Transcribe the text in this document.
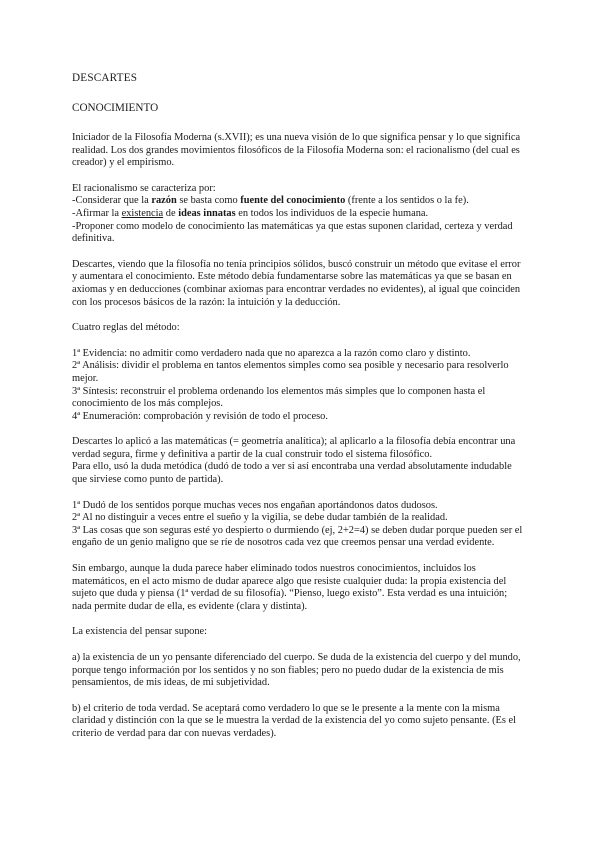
DESCARTES
CONOCIMIENTO

Iniciador de la Filosofía Moderna (s.XVII); es una nueva visión de lo que significa pensar y lo que significa realidad. Los dos grandes movimientos filosóficos de la Filosofía Moderna son: el racionalismo (del cual es creador) y el empirismo.

El racionalismo se caracteriza por:
-Considerar que la razón se basta como fuente del conocimiento (frente a los sentidos o la fe).
-Afirmar la existencia de ideas innatas en todos los individuos de la especie humana.
-Proponer como modelo de conocimiento las matemáticas ya que estas suponen claridad, certeza y verdad definitiva.

Descartes, viendo que la filosofía no tenía principios sólidos, buscó construir un método que evitase el error y aumentara el conocimiento. Este método debía fundamentarse sobre las matemáticas ya que se basan en axiomas y en deducciones (combinar axiomas para encontrar verdades no evidentes), al igual que coinciden con los procesos básicos de la razón: la intuición y la deducción.

Cuatro reglas del método:

1ª Evidencia: no admitir como verdadero nada que no aparezca a la razón como claro y distinto.
2ª Análisis: dividir el problema en tantos elementos simples como sea posible y necesario para resolverlo mejor.
3ª Síntesis: reconstruir el problema ordenando los elementos más simples que lo componen hasta el conocimiento de los más complejos.
4ª Enumeración: comprobación y revisión de todo el proceso.

Descartes lo aplicó a las matemáticas (= geometría analítica); al aplicarlo a la filosofía debía encontrar una verdad segura, firme y definitiva a partir de la cual construir todo el sistema filosófico.
Para ello, usó la duda metódica (dudó de todo a ver si así encontraba una verdad absolutamente indudable que sirviese como punto de partida).

1ª Dudó de los sentidos porque muchas veces nos engañan aportándonos datos dudosos.
2ª Al no distinguir a veces entre el sueño y la vigilia, se debe dudar también de la realidad.
3ª Las cosas que son seguras esté yo despierto o durmiendo (ej, 2+2=4) se deben dudar porque pueden ser el engaño de un genio maligno que se ríe de nosotros cada vez que creemos pensar una verdad evidente.

Sin embargo, aunque la duda parece haber eliminado todos nuestros conocimientos, incluidos los matemáticos, en el acto mismo de dudar aparece algo que resiste cualquier duda: la propia existencia del sujeto que duda y piensa (1ª verdad de su filosofía). “Pienso, luego existo”. Esta verdad es una intuición; nada permite dudar de ella, es evidente (clara y distinta).

La existencia del pensar supone:

a) la existencia de un yo pensante diferenciado del cuerpo. Se duda de la existencia del cuerpo y del mundo, porque tengo información por los sentidos y no son fiables; pero no puedo dudar de la existencia de mis pensamientos, de mis ideas, de mi subjetividad.

b) el criterio de toda verdad. Se aceptará como verdadero lo que se le presente a la mente con la misma claridad y distinción con la que se le muestra la verdad de la existencia del yo como sujeto pensante. (Es el criterio de verdad para dar con nuevas verdades).
